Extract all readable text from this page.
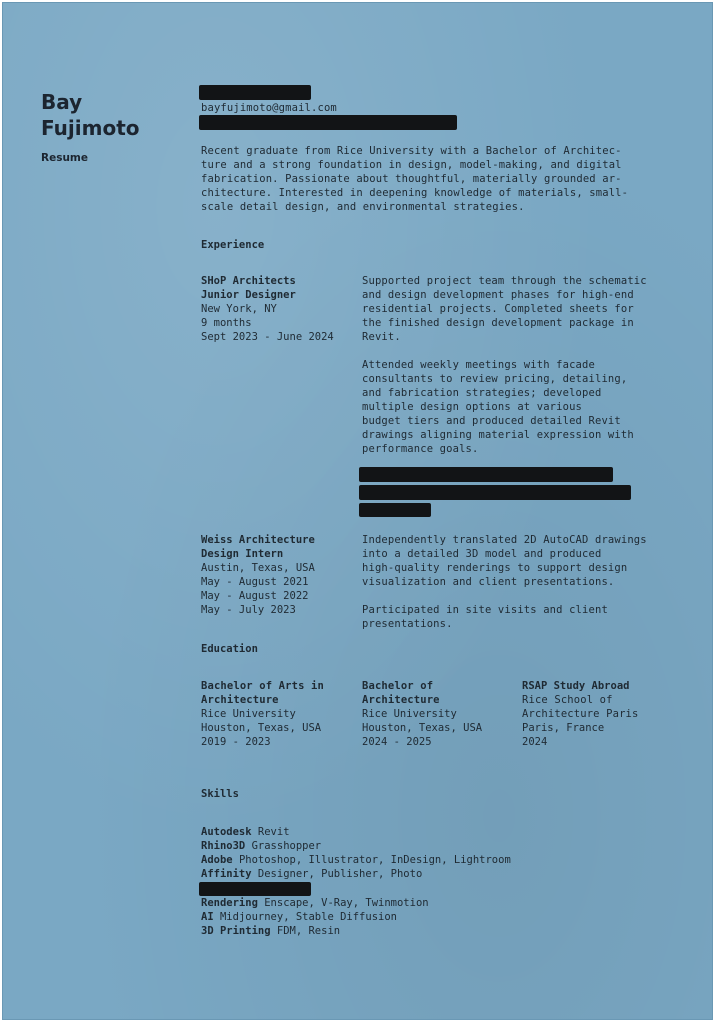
Bay
Fujimoto
Resume
bayfujimoto@gmail.com
Recent graduate from Rice University with a Bachelor of Architec-
ture and a strong foundation in design, model-making, and digital
fabrication. Passionate about thoughtful, materially grounded ar-
chitecture. Interested in deepening knowledge of materials, small-
scale detail design, and environmental strategies.
Experience
SHoP Architects
Junior Designer
New York, NY
9 months
Sept 2023 - June 2024

Supported project team through the schematic
and design development phases for high-end
residential projects. Completed sheets for
the finished design development package in
Revit.

Attended weekly meetings with facade
consultants to review pricing, detailing,
and fabrication strategies; developed
multiple design options at various
budget tiers and produced detailed Revit
drawings aligning material expression with
performance goals.

Weiss Architecture
Design Intern
Austin, Texas, USA
May - August 2021
May - August 2022
May - July 2023

Independently translated 2D AutoCAD drawings
into a detailed 3D model and produced
high-quality renderings to support design
visualization and client presentations.

Participated in site visits and client
presentations.

Education
Bachelor of Arts in
Architecture
Rice University
Houston, Texas, USA
2019 - 2023
Bachelor of
Architecture
Rice University
Houston, Texas, USA
2024 - 2025
RSAP Study Abroad
Rice School of
Architecture Paris
Paris, France
2024
Skills
Autodesk Revit
Rhino3D Grasshopper
Adobe Photoshop, Illustrator, InDesign, Lightroom
Affinity Designer, Publisher, Photo
Rendering Enscape, V-Ray, Twinmotion
AI Midjourney, Stable Diffusion
3D Printing FDM, Resin
